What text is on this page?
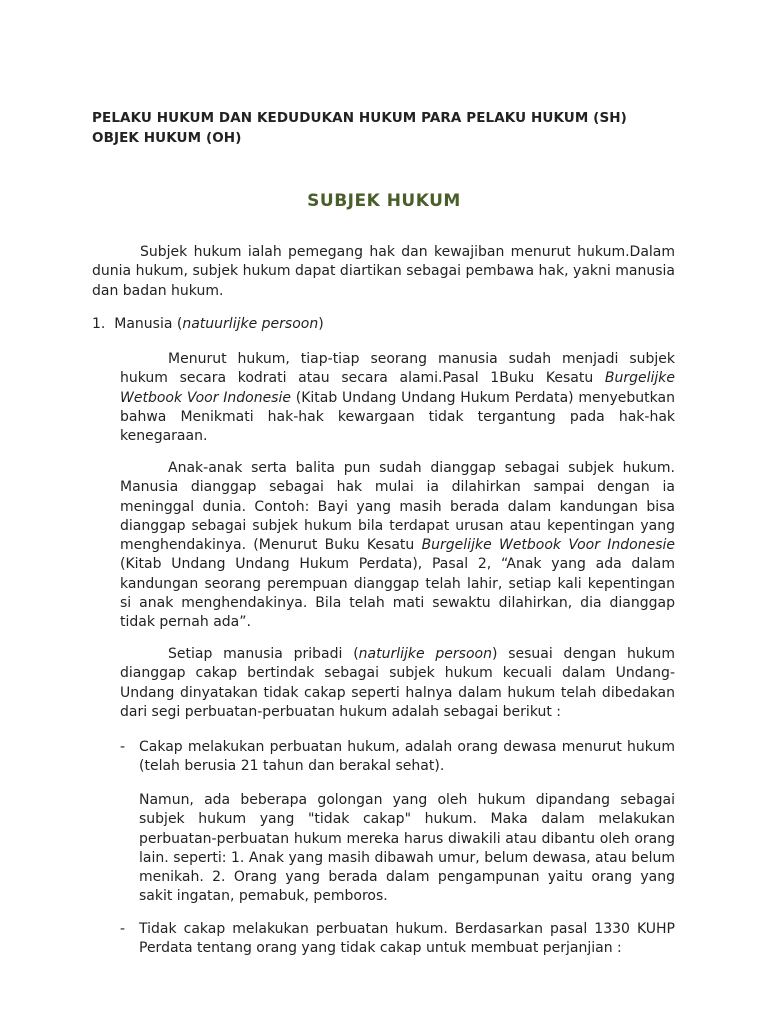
PELAKU HUKUM DAN KEDUDUKAN HUKUM PARA PELAKU HUKUM (SH)
OBJEK HUKUM (OH)
SUBJEK HUKUM

Subjek hukum ialah pemegang hak dan kewajiban menurut hukum.Dalam dunia hukum, subjek hukum dapat diartikan sebagai pembawa hak, yakni manusia dan badan hukum.

1. Manusia (natuurlijke persoon)

Menurut hukum, tiap-tiap seorang manusia sudah menjadi subjek hukum secara kodrati atau secara alami.Pasal 1Buku Kesatu Burgelijke Wetbook Voor Indonesie (Kitab Undang Undang Hukum Perdata) menyebutkan bahwa Menikmati hak-hak kewargaan tidak tergantung pada hak-hak kenegaraan.

Anak-anak serta balita pun sudah dianggap sebagai subjek hukum. Manusia dianggap sebagai hak mulai ia dilahirkan sampai dengan ia meninggal dunia. Contoh: Bayi yang masih berada dalam kandungan bisa dianggap sebagai subjek hukum bila terdapat urusan atau kepentingan yang menghendakinya. (Menurut Buku Kesatu Burgelijke Wetbook Voor Indonesie (Kitab Undang Undang Hukum Perdata), Pasal 2, “Anak yang ada dalam kandungan seorang perempuan dianggap telah lahir, setiap kali kepentingan si anak menghendakinya. Bila telah mati sewaktu dilahirkan, dia dianggap tidak pernah ada”.

Setiap manusia pribadi (naturlijke persoon) sesuai dengan hukum dianggap cakap bertindak sebagai subjek hukum kecuali dalam Undang-Undang dinyatakan tidak cakap seperti halnya dalam hukum telah dibedakan dari segi perbuatan-perbuatan hukum adalah sebagai berikut :

- Cakap melakukan perbuatan hukum, adalah orang dewasa menurut hukum (telah berusia 21 tahun dan berakal sehat).

Namun, ada beberapa golongan yang oleh hukum dipandang sebagai subjek hukum yang "tidak cakap" hukum. Maka dalam melakukan perbuatan-perbuatan hukum mereka harus diwakili atau dibantu oleh orang lain. seperti: 1. Anak yang masih dibawah umur, belum dewasa, atau belum menikah. 2. Orang yang berada dalam pengampunan yaitu orang yang sakit ingatan, pemabuk, pemboros.

- Tidak cakap melakukan perbuatan hukum. Berdasarkan pasal 1330 KUHP Perdata tentang orang yang tidak cakap untuk membuat perjanjian :
